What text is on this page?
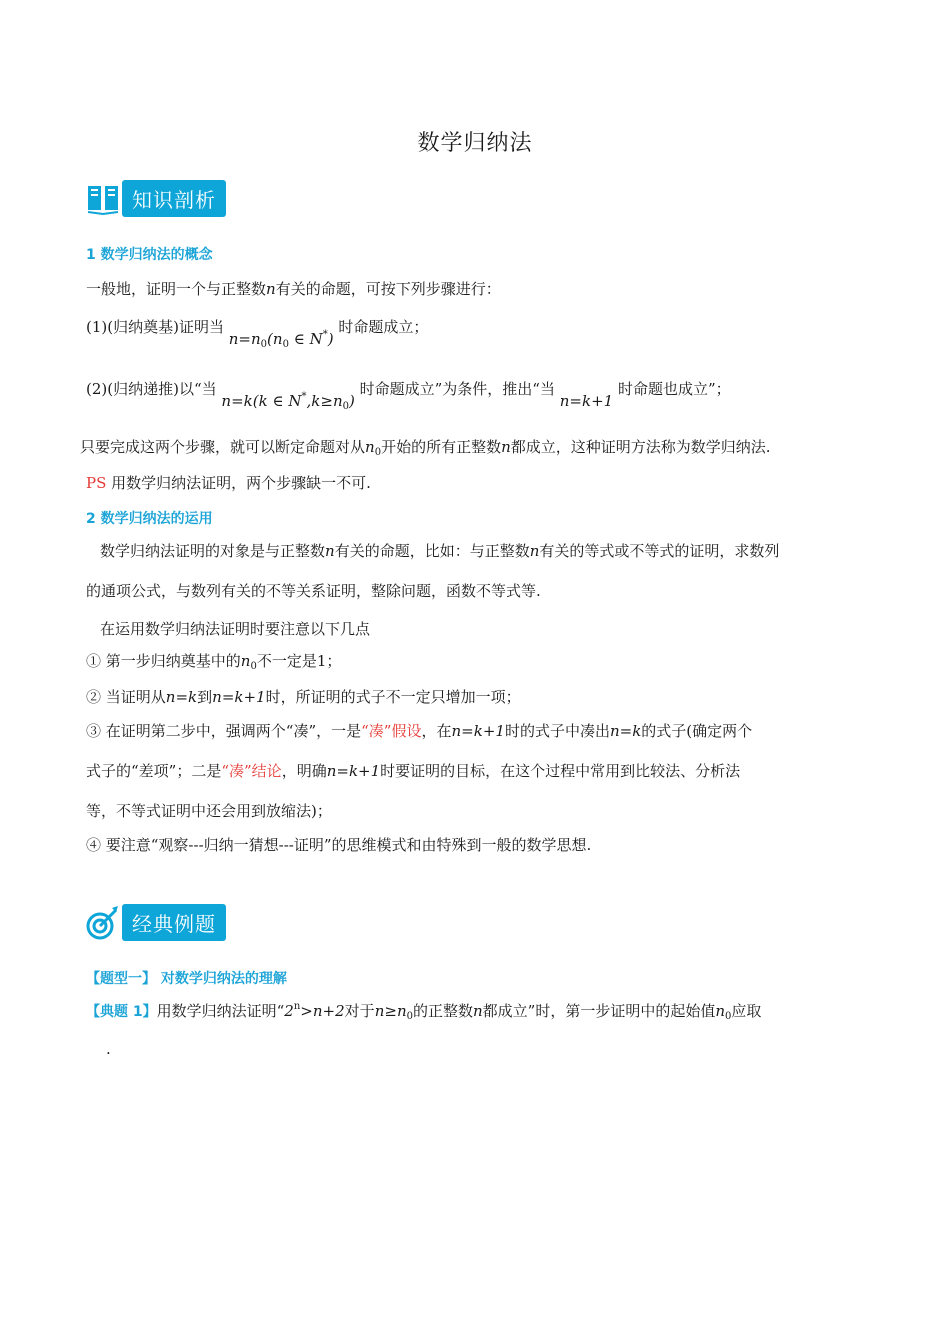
数学归纳法
知识剖析
1 数学归纳法的概念
一般地，证明一个与正整数n有关的命题，可按下列步骤进行：
(1)(归纳奠基)证明当 $n=n_0(n_0$ ∈ N*) 时命题成立；
(2)(归纳递推)以“当 n=k(k ∈ $N^*,k\ge n_0$) 时命题成立”为条件，推出“当 n=k+1 时命题也成立”；
只要完成这两个步骤，就可以断定命题对从$n_0$开始的所有正整数n都成立，这种证明方法称为数学归纳法.
PS 用数学归纳法证明，两个步骤缺一不可.
2 数学归纳法的运用
数学归纳法证明的对象是与正整数n有关的命题，比如：与正整数n有关的等式或不等式的证明，求数列
的通项公式，与数列有关的不等关系证明，整除问题，函数不等式等.
在运用数学归纳法证明时要注意以下几点
① 第一步归纳奠基中的$n_0$不一定是1；
② 当证明从n=k到n=k+1时，所证明的式子不一定只增加一项；
③ 在证明第二步中，强调两个“凑”，一是“凑”假设，在n=k+1时的式子中凑出n=k的式子(确定两个
式子的“差项”；二是“凑”结论，明确n=k+1时要证明的目标，在这个过程中常用到比较法、分析法
等，不等式证明中还会用到放缩法)；
④ 要注意“观察---归纳一猜想---证明”的思维模式和由特殊到一般的数学思想.
经典例题
【题型一】 对数学归纳法的理解
【典题 1】用数学归纳法证明“$2^n>n+2$对于$n\ge n_0$的正整数n都成立”时，第一步证明中的起始值$n_0$应取
.
